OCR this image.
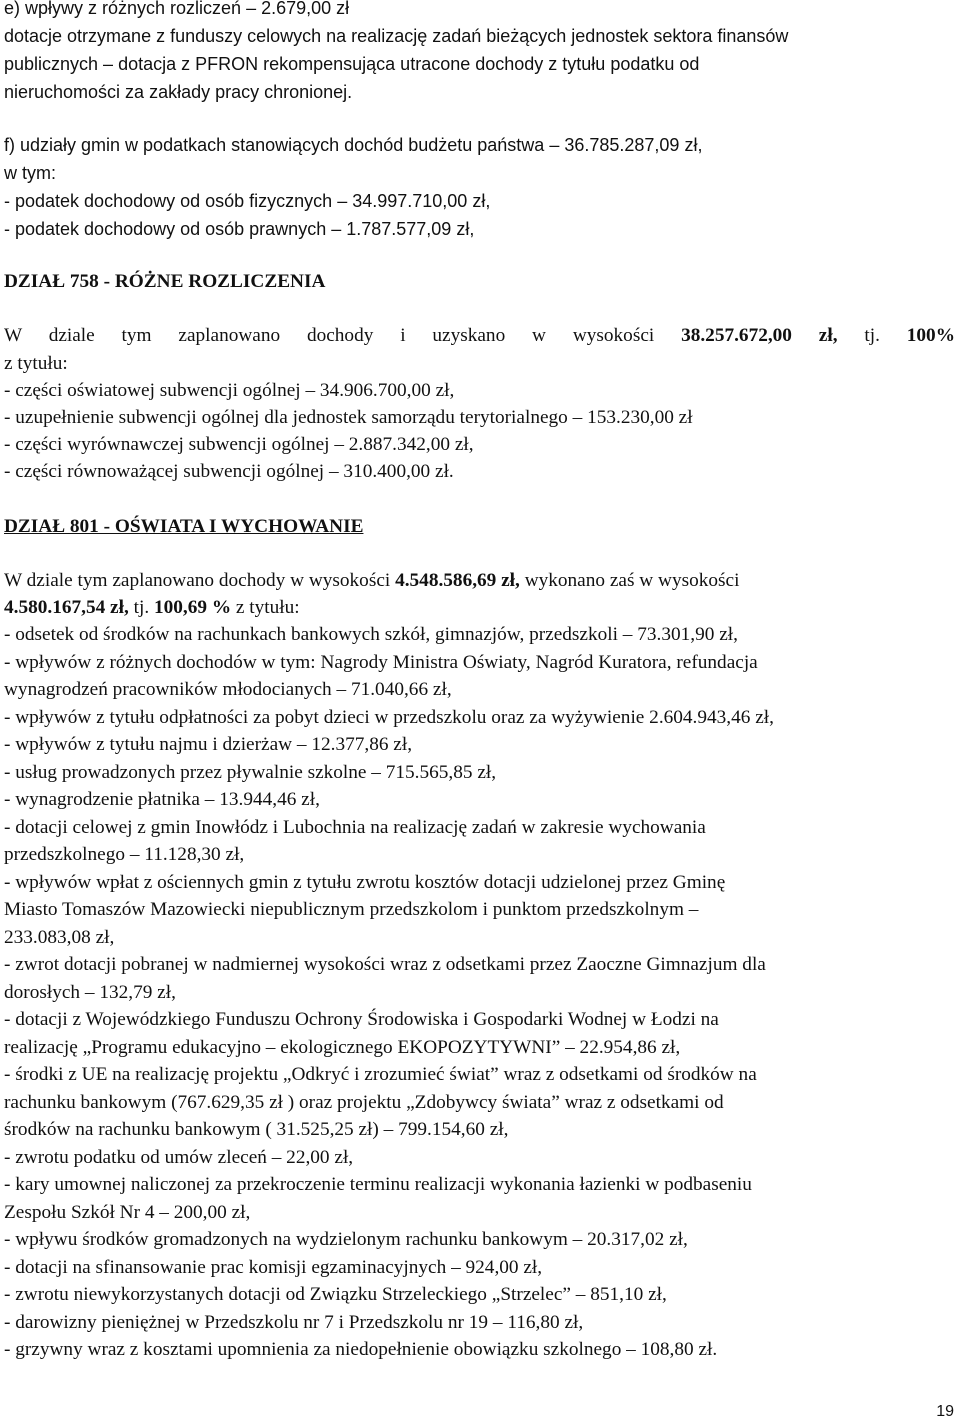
e) wpływy z różnych rozliczeń – 2.679,00 zł
dotacje otrzymane z funduszy celowych na realizację zadań bieżących jednostek sektora finansów
publicznych – dotacja z PFRON rekompensująca utracone dochody z tytułu podatku od
nieruchomości za zakłady pracy chronionej.
f) udziały gmin w podatkach stanowiących dochód budżetu państwa – 36.785.287,09 zł,
w tym:
- podatek dochodowy od osób fizycznych – 34.997.710,00 zł,
- podatek dochodowy od osób prawnych – 1.787.577,09 zł,
DZIAŁ 758 - RÓŻNE ROZLICZENIA
W dziale tym zaplanowano dochody i uzyskano w wysokości 38.257.672,00 zł, tj. 100%
z tytułu:
- części oświatowej subwencji ogólnej – 34.906.700,00 zł,
- uzupełnienie subwencji ogólnej dla jednostek samorządu terytorialnego – 153.230,00 zł
- części wyrównawczej subwencji ogólnej – 2.887.342,00 zł,
- części równoważącej subwencji ogólnej – 310.400,00 zł.
DZIAŁ 801 - OŚWIATA I WYCHOWANIE
W dziale tym zaplanowano dochody w wysokości 4.548.586,69 zł, wykonano zaś w wysokości
4.580.167,54 zł, tj. 100,69 % z tytułu:
- odsetek od środków na rachunkach bankowych szkół, gimnazjów, przedszkoli – 73.301,90 zł,
- wpływów z różnych dochodów w tym: Nagrody Ministra Oświaty, Nagród Kuratora, refundacja
wynagrodzeń pracowników młodocianych – 71.040,66 zł,
- wpływów z tytułu odpłatności za pobyt dzieci w przedszkolu oraz za wyżywienie 2.604.943,46 zł,
- wpływów z tytułu najmu i dzierżaw – 12.377,86 zł,
- usług prowadzonych przez pływalnie szkolne – 715.565,85 zł,
- wynagrodzenie płatnika – 13.944,46 zł,
- dotacji celowej z gmin Inowłódz i Lubochnia na realizację zadań w zakresie wychowania
przedszkolnego – 11.128,30 zł,
- wpływów wpłat z ościennych gmin z tytułu zwrotu kosztów dotacji udzielonej przez Gminę
Miasto Tomaszów Mazowiecki niepublicznym przedszkolom i punktom przedszkolnym –
233.083,08 zł,
- zwrot dotacji pobranej w nadmiernej wysokości wraz z odsetkami przez Zaoczne Gimnazjum dla
dorosłych – 132,79 zł,
- dotacji z Wojewódzkiego Funduszu Ochrony Środowiska i Gospodarki Wodnej w Łodzi na
realizację „Programu edukacyjno – ekologicznego EKOPOZYTYWNI” – 22.954,86 zł,
- środki z UE na realizację projektu „Odkryć i zrozumieć świat” wraz z odsetkami od środków na
rachunku bankowym (767.629,35 zł ) oraz projektu „Zdobywcy świata” wraz z odsetkami od
środków na rachunku bankowym ( 31.525,25 zł) – 799.154,60 zł,
- zwrotu podatku od umów zleceń – 22,00 zł,
- kary umownej naliczonej za przekroczenie terminu realizacji wykonania łazienki w podbaseniu
Zespołu Szkół Nr 4 – 200,00 zł,
- wpływu środków gromadzonych na wydzielonym rachunku bankowym – 20.317,02 zł,
- dotacji na sfinansowanie prac komisji egzaminacyjnych – 924,00 zł,
- zwrotu niewykorzystanych dotacji od Związku Strzeleckiego „Strzelec” – 851,10 zł,
- darowizny pieniężnej w Przedszkolu nr 7 i Przedszkolu nr 19 – 116,80 zł,
- grzywny wraz z kosztami upomnienia za niedopełnienie obowiązku szkolnego – 108,80 zł.
19
